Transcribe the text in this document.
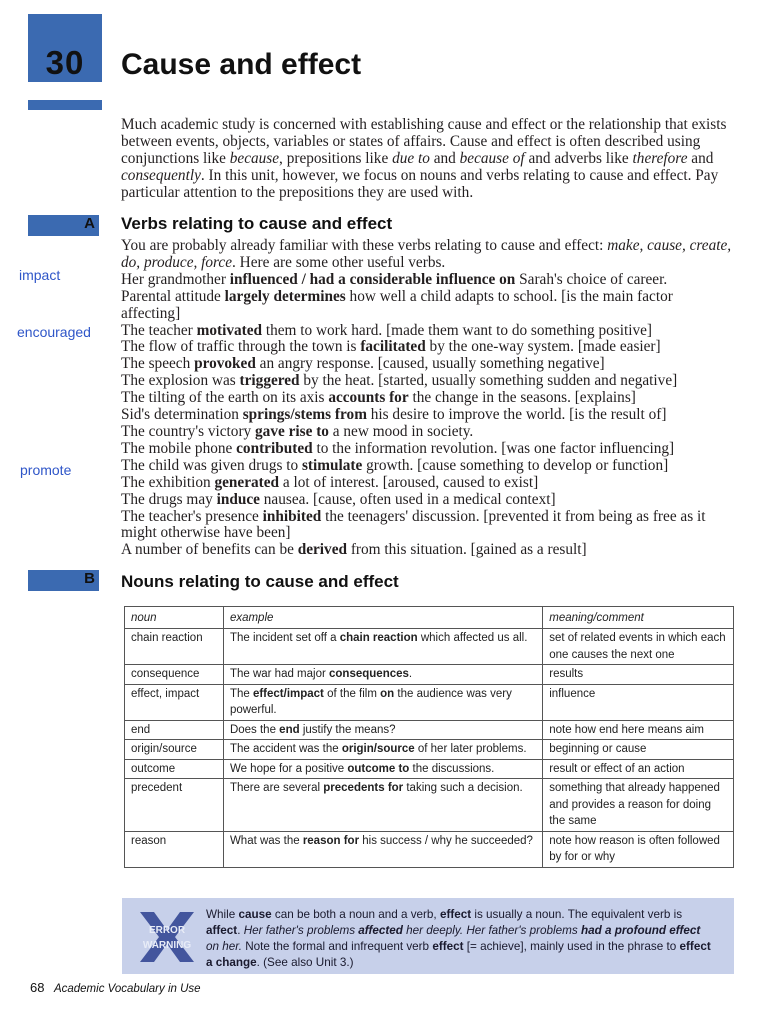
30	Cause and effect
Much academic study is concerned with establishing cause and effect or the relationship that exists between events, objects, variables or states of affairs. Cause and effect is often described using conjunctions like because, prepositions like due to and because of and adverbs like therefore and consequently. In this unit, however, we focus on nouns and verbs relating to cause and effect. Pay particular attention to the prepositions they are used with.
A Verbs relating to cause and effect
impact
encouraged
promote

You are probably already familiar with these verbs relating to cause and effect: make, cause, create, do, produce, force. Here are some other useful verbs.

Her grandmother influenced / had a considerable influence on Sarah's choice of career.

Parental attitude largely determines how well a child adapts to school. [is the main factor affecting]

The teacher motivated them to work hard. [made them want to do something positive]

The flow of traffic through the town is facilitated by the one-way system. [made easier]

The speech provoked an angry response. [caused, usually something negative]

The explosion was triggered by the heat. [started, usually something sudden and negative]

The tilting of the earth on its axis accounts for the change in the seasons. [explains]

Sid's determination springs/stems from his desire to improve the world. [is the result of]

The country's victory gave rise to a new mood in society.

The mobile phone contributed to the information revolution. [was one factor influencing]

The child was given drugs to stimulate growth. [cause something to develop or function]

The exhibition generated a lot of interest. [aroused, caused to exist]

The drugs may induce nausea. [cause, often used in a medical context]

The teacher's presence inhibited the teenagers' discussion. [prevented it from being as free as it might otherwise have been]

A number of benefits can be derived from this situation. [gained as a result]

B Nouns relating to cause and effect
noun	example	meaning/comment
chain reaction	The incident set off a chain reaction which affected us all.	set of related events in which each one causes the next one
consequence	The war had major consequences.	results
effect, impact	The effect/impact of the film on the audience was very powerful.	influence
end	Does the end justify the means?	note how end here means aim
origin/source	The accident was the origin/source of her later problems.	beginning or cause
outcome	We hope for a positive outcome to the discussions.	result or effect of an action
precedent	There are several precedents for taking such a decision.	something that already happened and provides a reason for doing the same
reason	What was the reason for his success / why he succeeded?	note how reason is often followed by for or why
ERROR
WARNING
While cause can be both a noun and a verb, effect is usually a noun. The equivalent verb is affect. Her father's problems affected her deeply. Her father's problems had a profound effect on her. Note the formal and infrequent verb effect [= achieve], mainly used in the phrase to effect a change. (See also Unit 3.)
68 Academic Vocabulary in Use
